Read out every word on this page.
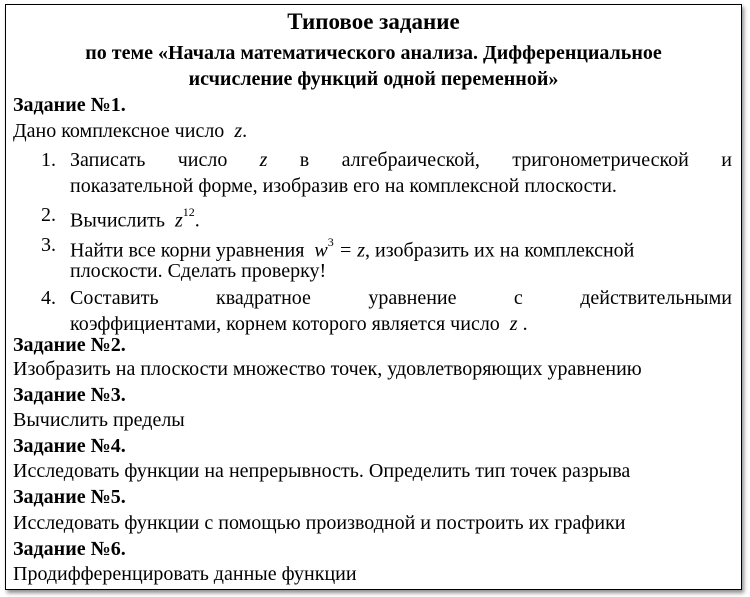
Типовое задание
по теме «Начала математического анализа. Дифференциальное
исчисление функций одной переменной»
Задание №1.
Дано комплексное число z.
1. Записать число z в алгебраической, тригонометрической и
показательной форме, изобразив его на комплексной плоскости.
2. Вычислить $z^{12}$.
3. Найти все корни уравнения $w^3 = z$, изобразить их на комплексной
плоскости. Сделать проверку!
4. Составить	квадратное	уравнение	с	действительными
коэффициентами, корнем которого является число z .
Задание №2.
Изобразить на плоскости множество точек, удовлетворяющих уравнению
Задание №3.
Вычислить пределы
Задание №4.
Исследовать функции на непрерывность. Определить тип точек разрыва
Задание №5.
Исследовать функции с помощью производной и построить их графики
Задание №6.
Продифференцировать данные функции
